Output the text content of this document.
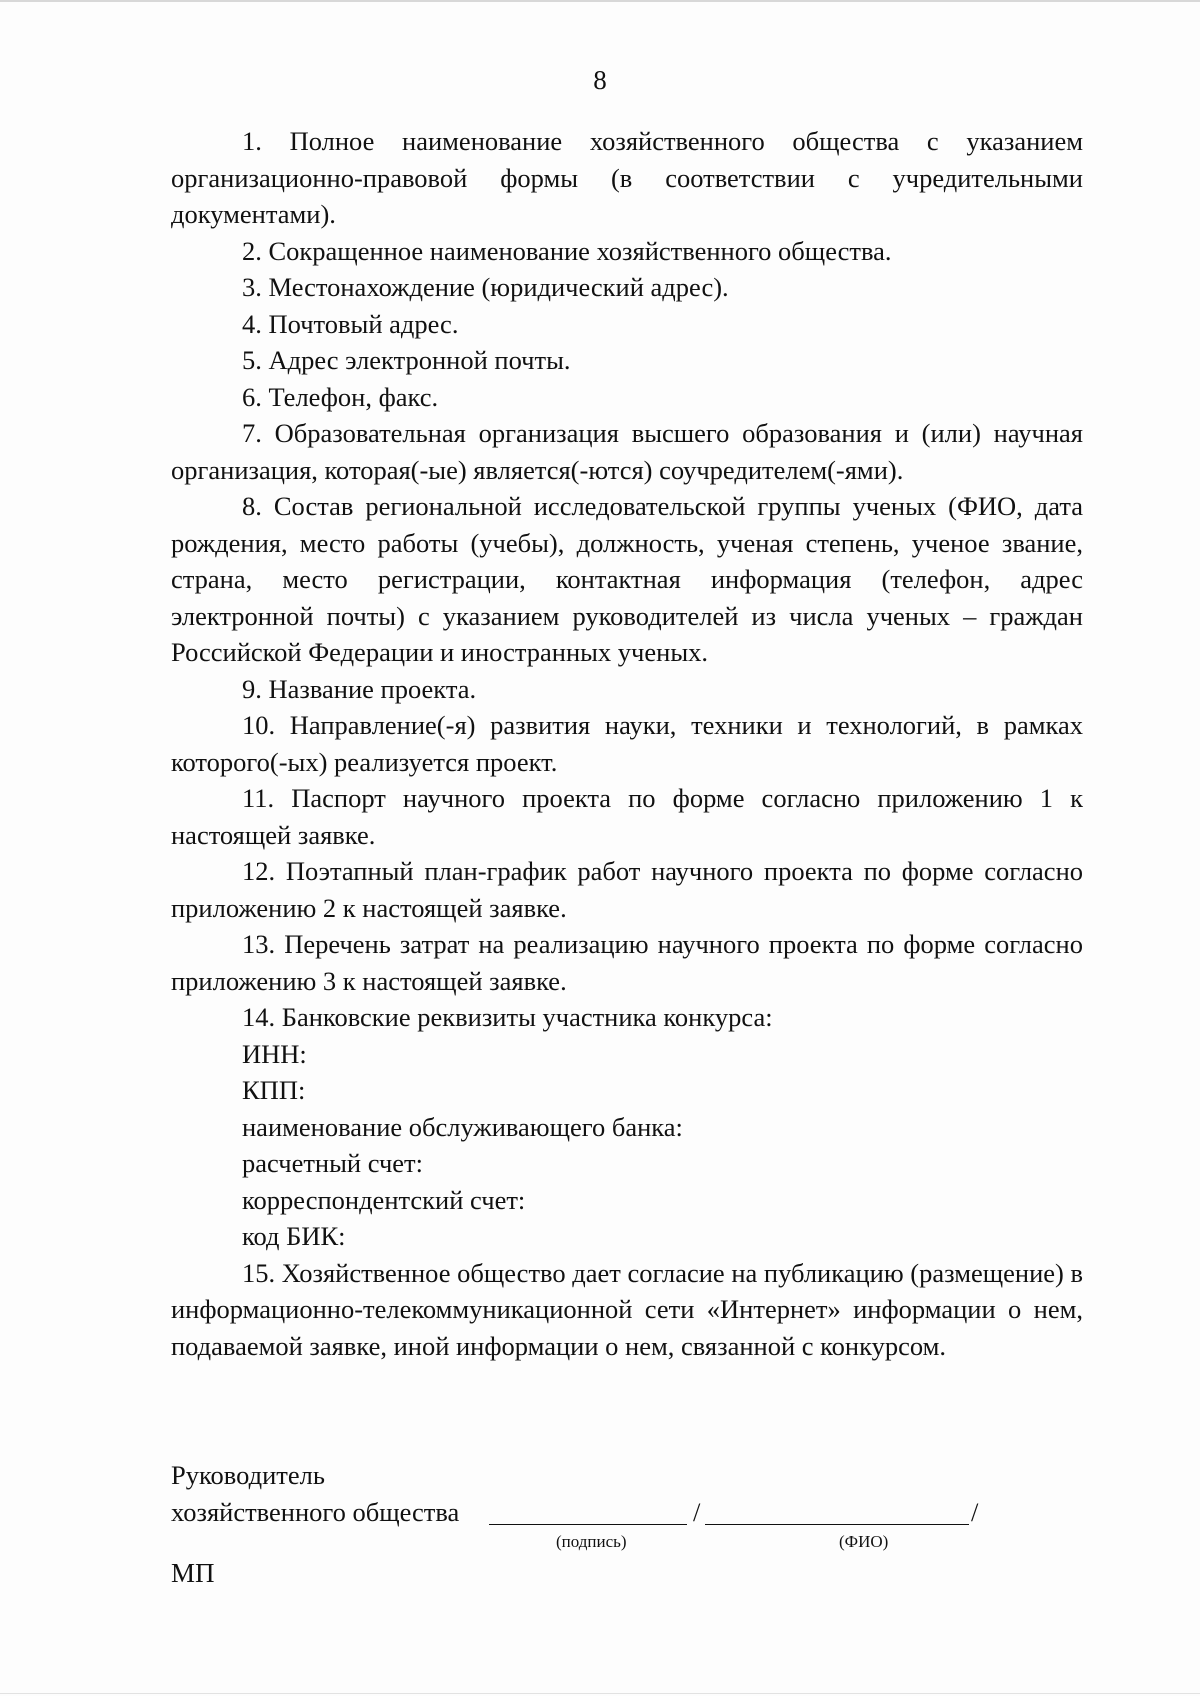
8

1. Полное наименование хозяйственного общества с указанием организационно-правовой формы (в соответствии с учредительными документами).

2. Сокращенное наименование хозяйственного общества.

3. Местонахождение (юридический адрес).

4. Почтовый адрес.

5. Адрес электронной почты.

6. Телефон, факс.

7. Образовательная организация высшего образования и (или) научная организация, которая(-ые) является(-ются) соучредителем(-ями).

8. Состав региональной исследовательской группы ученых (ФИО, дата рождения, место работы (учебы), должность, ученая степень, ученое звание, страна, место регистрации, контактная информация (телефон, адрес электронной почты) с указанием руководителей из числа ученых – граждан Российской Федерации и иностранных ученых.

9. Название проекта.

10. Направление(-я) развития науки, техники и технологий, в рамках которого(-ых) реализуется проект.

11. Паспорт научного проекта по форме согласно приложению 1 к настоящей заявке.

12. Поэтапный план-график работ научного проекта по форме согласно приложению 2 к настоящей заявке.

13. Перечень затрат на реализацию научного проекта по форме согласно приложению 3 к настоящей заявке.

14. Банковские реквизиты участника конкурса:

ИНН:

КПП:

наименование обслуживающего банка:

расчетный счет:

корреспондентский счет:

код БИК:

15. Хозяйственное общество дает согласие на публикацию (размещение) в информационно-телекоммуникационной сети «Интернет» информации о нем, подаваемой заявке, иной информации о нем, связанной с конкурсом.

Руководитель

хозяйственного общества	/	/
(подпись)	(ФИО)
МП
